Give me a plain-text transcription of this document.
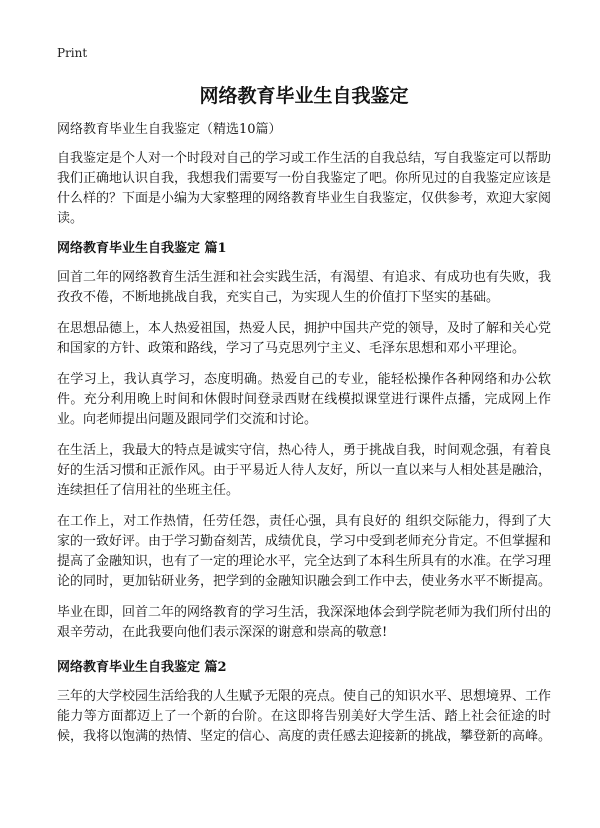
Print
网络教育毕业生自我鉴定

网络教育毕业生自我鉴定（精选10篇）

自我鉴定是个人对一个时段对自己的学习或工作生活的自我总结，写自我鉴定可以帮助我们正确地认识自我，我想我们需要写一份自我鉴定了吧。你所见过的自我鉴定应该是什么样的？下面是小编为大家整理的网络教育毕业生自我鉴定，仅供参考，欢迎大家阅读。

网络教育毕业生自我鉴定 篇1

回首二年的网络教育生活生涯和社会实践生活，有渴望、有追求、有成功也有失败，我孜孜不倦，不断地挑战自我，充实自己，为实现人生的价值打下坚实的基础。

在思想品德上，本人热爱祖国，热爱人民，拥护中国共产党的领导，及时了解和关心党和国家的方针、政策和路线，学习了马克思列宁主义、毛泽东思想和邓小平理论。

在学习上，我认真学习，态度明确。热爱自己的专业，能轻松操作各种网络和办公软件。充分利用晚上时间和休假时间登录西财在线模拟课堂进行课件点播，完成网上作业。向老师提出问题及跟同学们交流和讨论。

在生活上，我最大的特点是诚实守信，热心待人，勇于挑战自我，时间观念强，有着良好的生活习惯和正派作风。由于平易近人待人友好，所以一直以来与人相处甚是融洽，连续担任了信用社的坐班主任。

在工作上，对工作热情，任劳任怨，责任心强，具有良好的 组织交际能力，得到了大家的一致好评。由于学习勤奋刻苦，成绩优良，学习中受到老师充分肯定。不但掌握和提高了金融知识，也有了一定的理论水平，完全达到了本科生所具有的水准。在学习理论的同时，更加钻研业务，把学到的金融知识融会到工作中去，使业务水平不断提高。

毕业在即，回首二年的网络教育的学习生活，我深深地体会到学院老师为我们所付出的艰辛劳动，在此我要向他们表示深深的谢意和崇高的敬意!

网络教育毕业生自我鉴定 篇2

三年的大学校园生活给我的人生赋予无限的亮点。使自己的知识水平、思想境界、工作能力等方面都迈上了一个新的台阶。在这即将告别美好大学生活、踏上社会征途的时候，我将以饱满的热情、坚定的信心、高度的责任感去迎接新的挑战，攀登新的高峰。
